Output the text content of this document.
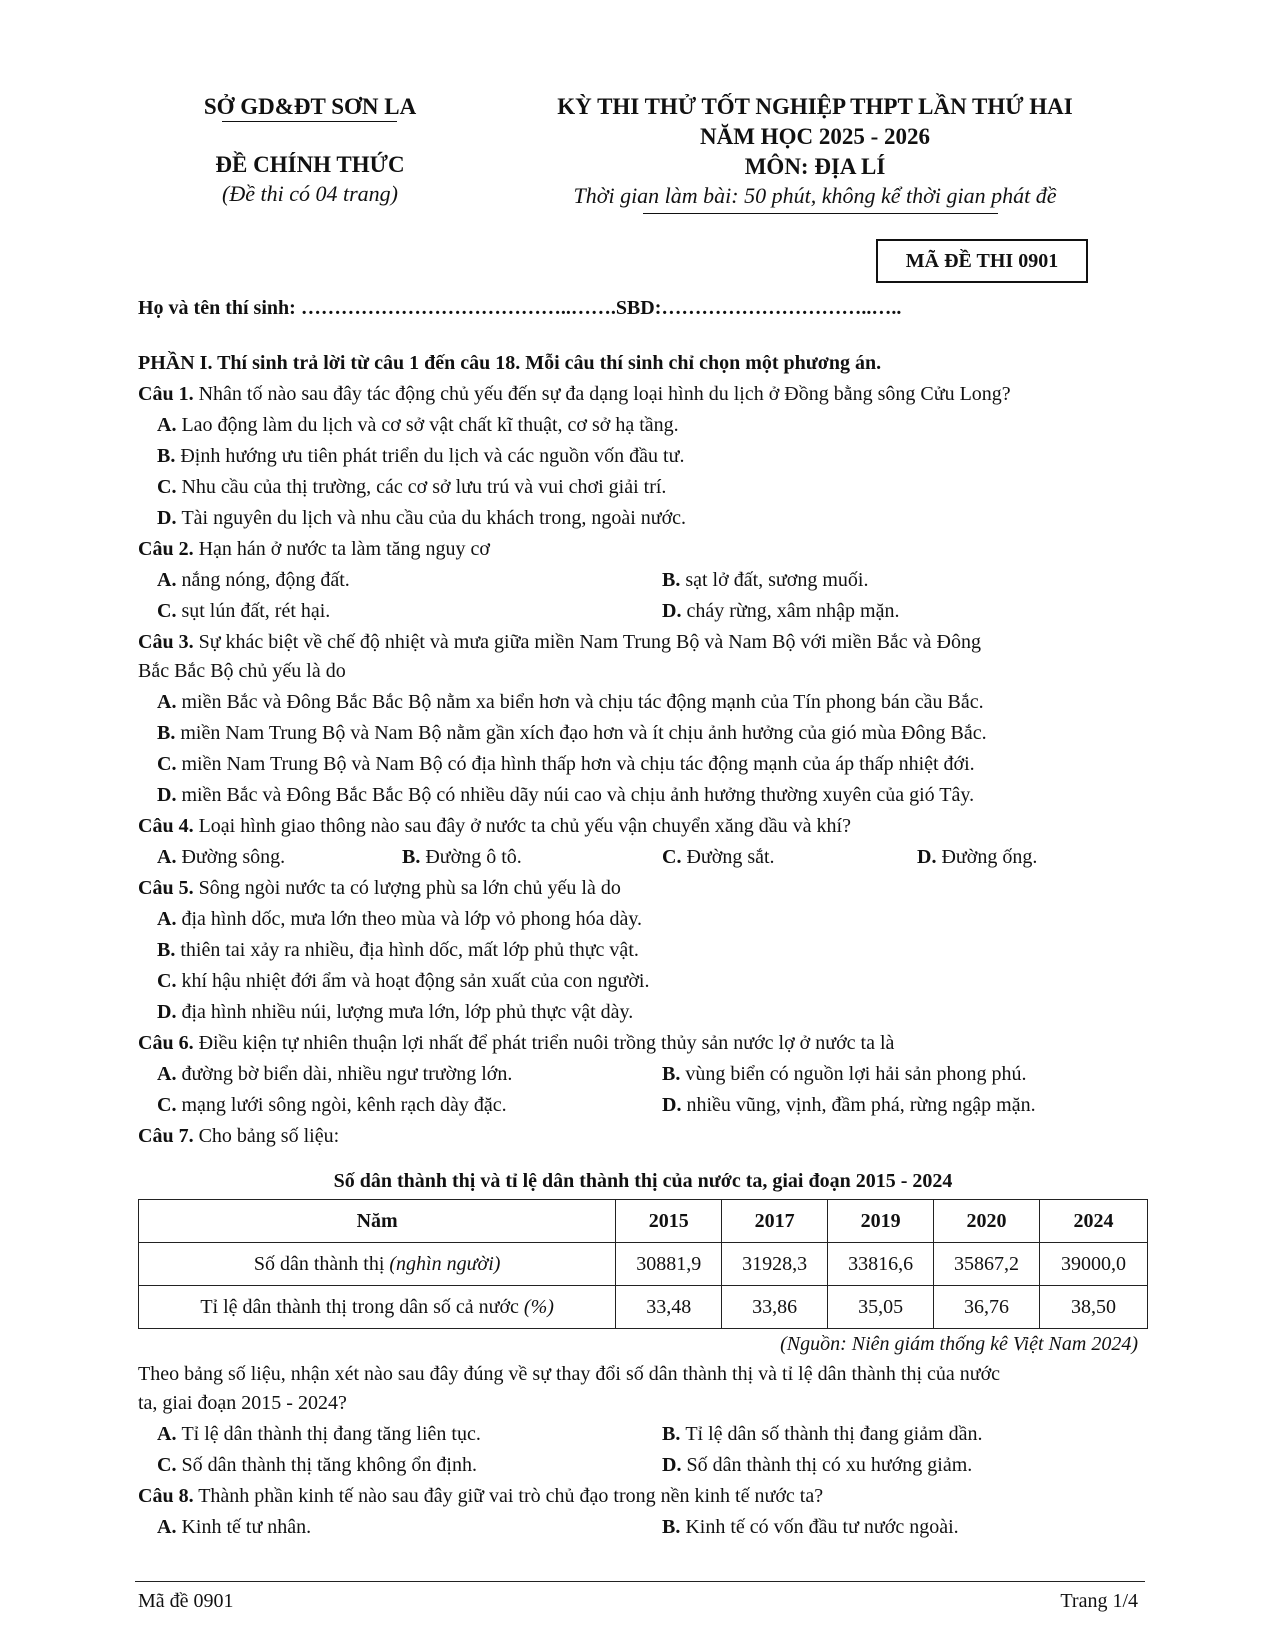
SỞ GD&ĐT SƠN LA
ĐỀ CHÍNH THỨC
(Đề thi có 04 trang)
KỲ THI THỬ TỐT NGHIỆP THPT LẦN THỨ HAI
NĂM HỌC 2025 - 2026
MÔN: ĐỊA LÍ
Thời gian làm bài: 50 phút, không kể thời gian phát đề
MÃ ĐỀ THI 0901
Họ và tên thí sinh: …………………………………..…….SBD:…………………………..…..
PHẦN I. Thí sinh trả lời từ câu 1 đến câu 18. Mỗi câu thí sinh chỉ chọn một phương án.
Câu 1. Nhân tố nào sau đây tác động chủ yếu đến sự đa dạng loại hình du lịch ở Đồng bằng sông Cửu Long?
A. Lao động làm du lịch và cơ sở vật chất kĩ thuật, cơ sở hạ tầng.
B. Định hướng ưu tiên phát triển du lịch và các nguồn vốn đầu tư.
C. Nhu cầu của thị trường, các cơ sở lưu trú và vui chơi giải trí.
D. Tài nguyên du lịch và nhu cầu của du khách trong, ngoài nước.
Câu 2. Hạn hán ở nước ta làm tăng nguy cơ
A. nắng nóng, động đất.	B. sạt lở đất, sương muối.
C. sụt lún đất, rét hại.	D. cháy rừng, xâm nhập mặn.
Câu 3. Sự khác biệt về chế độ nhiệt và mưa giữa miền Nam Trung Bộ và Nam Bộ với miền Bắc và Đông
Bắc Bắc Bộ chủ yếu là do
A. miền Bắc và Đông Bắc Bắc Bộ nằm xa biển hơn và chịu tác động mạnh của Tín phong bán cầu Bắc.
B. miền Nam Trung Bộ và Nam Bộ nằm gần xích đạo hơn và ít chịu ảnh hưởng của gió mùa Đông Bắc.
C. miền Nam Trung Bộ và Nam Bộ có địa hình thấp hơn và chịu tác động mạnh của áp thấp nhiệt đới.
D. miền Bắc và Đông Bắc Bắc Bộ có nhiều dãy núi cao và chịu ảnh hưởng thường xuyên của gió Tây.
Câu 4. Loại hình giao thông nào sau đây ở nước ta chủ yếu vận chuyển xăng dầu và khí?
A. Đường sông.	B. Đường ô tô.	C. Đường sắt.	D. Đường ống.
Câu 5. Sông ngòi nước ta có lượng phù sa lớn chủ yếu là do
A. địa hình dốc, mưa lớn theo mùa và lớp vỏ phong hóa dày.
B. thiên tai xảy ra nhiều, địa hình dốc, mất lớp phủ thực vật.
C. khí hậu nhiệt đới ẩm và hoạt động sản xuất của con người.
D. địa hình nhiều núi, lượng mưa lớn, lớp phủ thực vật dày.
Câu 6. Điều kiện tự nhiên thuận lợi nhất để phát triển nuôi trồng thủy sản nước lợ ở nước ta là
A. đường bờ biển dài, nhiều ngư trường lớn.	B. vùng biển có nguồn lợi hải sản phong phú.
C. mạng lưới sông ngòi, kênh rạch dày đặc.	D. nhiều vũng, vịnh, đầm phá, rừng ngập mặn.
Câu 7. Cho bảng số liệu:
Số dân thành thị và tỉ lệ dân thành thị của nước ta, giai đoạn 2015 - 2024
Năm	2015	2017	2019	2020	2024
Số dân thành thị (nghìn người)	30881,9	31928,3	33816,6	35867,2	39000,0
Tỉ lệ dân thành thị trong dân số cả nước (%)	33,48	33,86	35,05	36,76	38,50
(Nguồn: Niên giám thống kê Việt Nam 2024)
Theo bảng số liệu, nhận xét nào sau đây đúng về sự thay đổi số dân thành thị và tỉ lệ dân thành thị của nước
ta, giai đoạn 2015 - 2024?
A. Tỉ lệ dân thành thị đang tăng liên tục.	B. Tỉ lệ dân số thành thị đang giảm dần.
C. Số dân thành thị tăng không ổn định.	D. Số dân thành thị có xu hướng giảm.
Câu 8. Thành phần kinh tế nào sau đây giữ vai trò chủ đạo trong nền kinh tế nước ta?
A. Kinh tế tư nhân.	B. Kinh tế có vốn đầu tư nước ngoài.
Mã đề 0901	Trang 1/4
